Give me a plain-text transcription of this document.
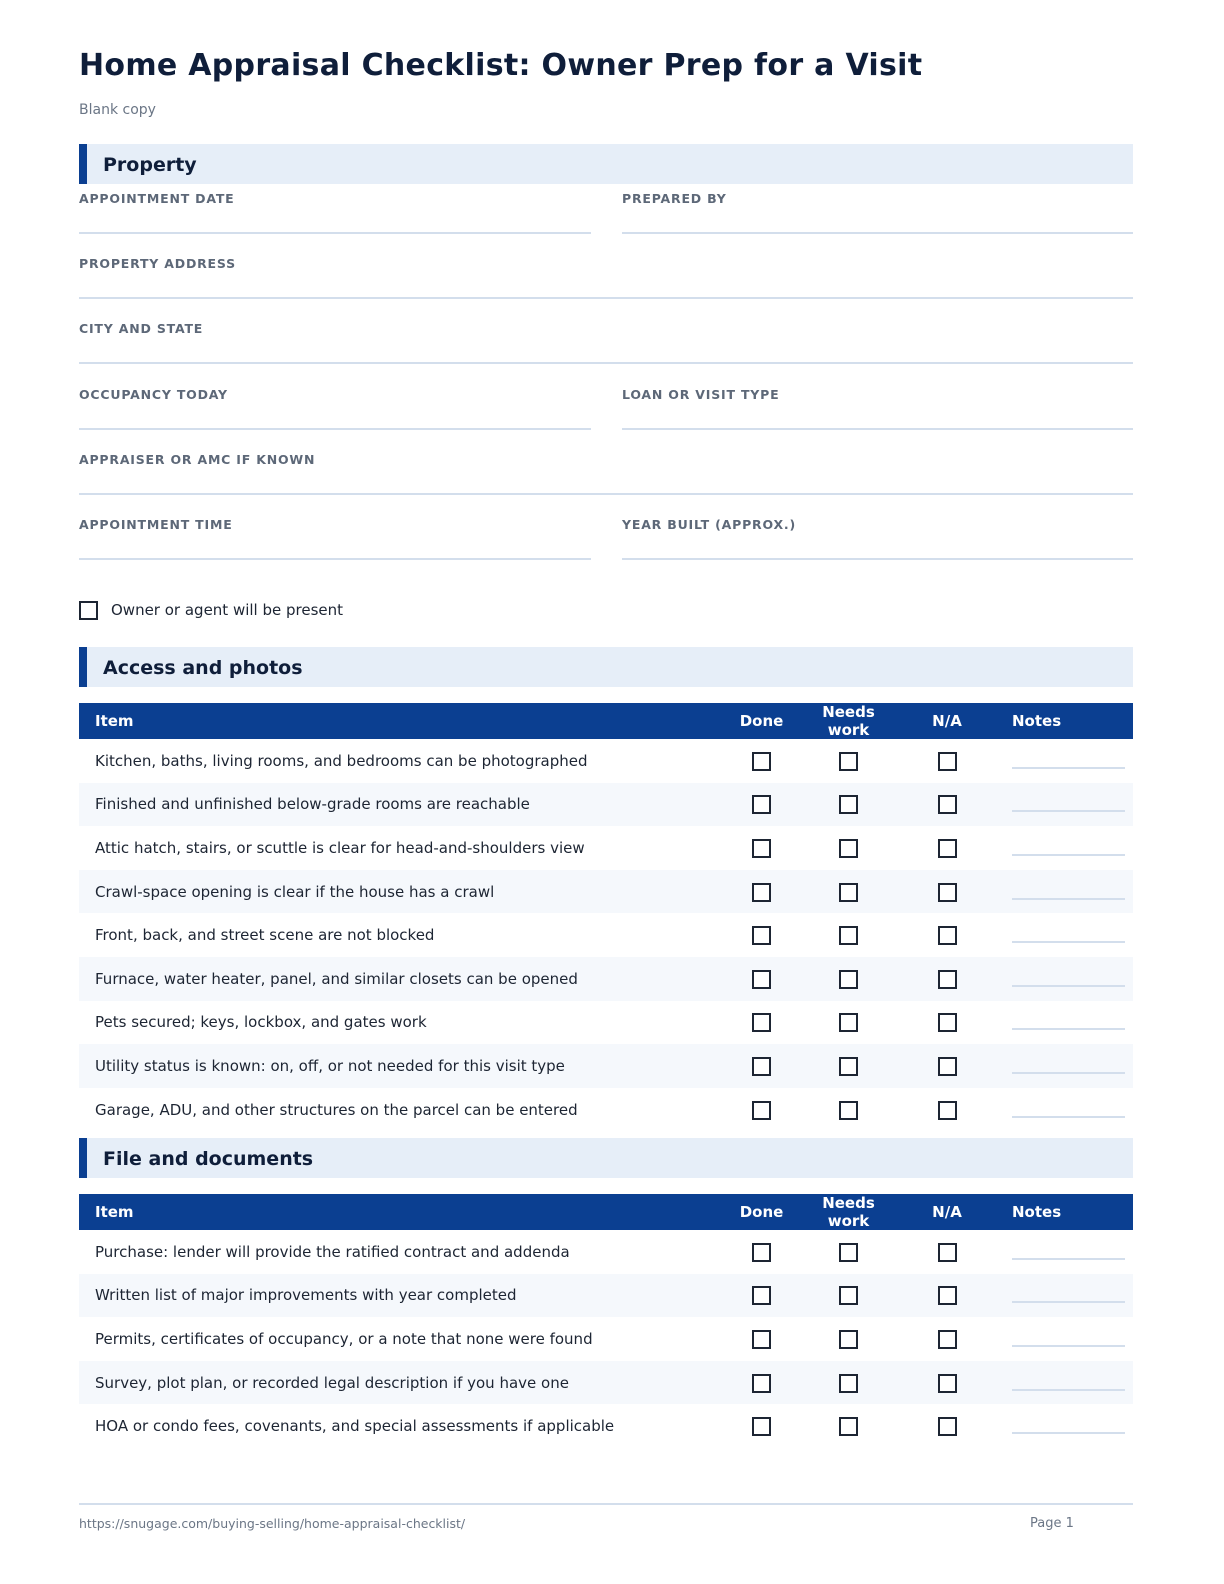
Home Appraisal Checklist: Owner Prep for a Visit
Blank copy
Property
APPOINTMENT DATE	PREPARED BY
PROPERTY ADDRESS
CITY AND STATE
OCCUPANCY TODAY	LOAN OR VISIT TYPE
APPRAISER OR AMC IF KNOWN
APPOINTMENT TIME	YEAR BUILT (APPROX.)
Owner or agent will be present
Access and photos
Item	Done	Needs work	N/A	Notes
Kitchen, baths, living rooms, and bedrooms can be photographed				

Finished and unfinished below-grade rooms are reachable				

Attic hatch, stairs, or scuttle is clear for head-and-shoulders view				

Crawl-space opening is clear if the house has a crawl				

Front, back, and street scene are not blocked				

Furnace, water heater, panel, and similar closets can be opened				

Pets secured; keys, lockbox, and gates work				

Utility status is known: on, off, or not needed for this visit type				

Garage, ADU, and other structures on the parcel can be entered				
File and documents
Item	Done	Needs work	N/A	Notes
Purchase: lender will provide the ratified contract and addenda				

Written list of major improvements with year completed				

Permits, certificates of occupancy, or a note that none were found				

Survey, plot plan, or recorded legal description if you have one				

HOA or condo fees, covenants, and special assessments if applicable				
https://snugage.com/buying-selling/home-appraisal-checklist/	Page 1
